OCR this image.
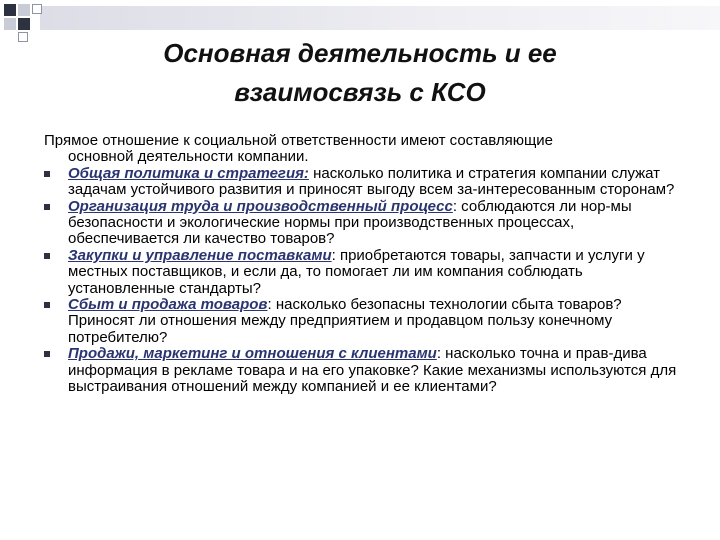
Основная деятельность и ее
взаимосвязь с КСО

Прямое отношение к социальной ответственности имеют составляющие
основной деятельности компании.

Общая политика и стратегия: насколько политика и стратегия компании служат задачам устойчивого развития и приносят выгоду всем за-интересованным сторонам?
Организация труда и производственный процесс: соблюдаются ли нор-мы безопасности и экологические нормы при производственных процессах, обеспечивается ли качество товаров?
Закупки и управление поставками: приобретаются товары, запчасти и услуги у местных поставщиков, и если да, то помогает ли им компания соблюдать установленные стандарты?
Сбыт и продажа товаров: насколько безопасны технологии сбыта товаров? Приносят ли отношения между предприятием и продавцом пользу конечному потребителю?
Продажи, маркетинг и отношения с клиентами: насколько точна и прав-дива информация в рекламе товара и на его упаковке? Какие механизмы используются для выстраивания отношений между компанией и ее клиентами?
